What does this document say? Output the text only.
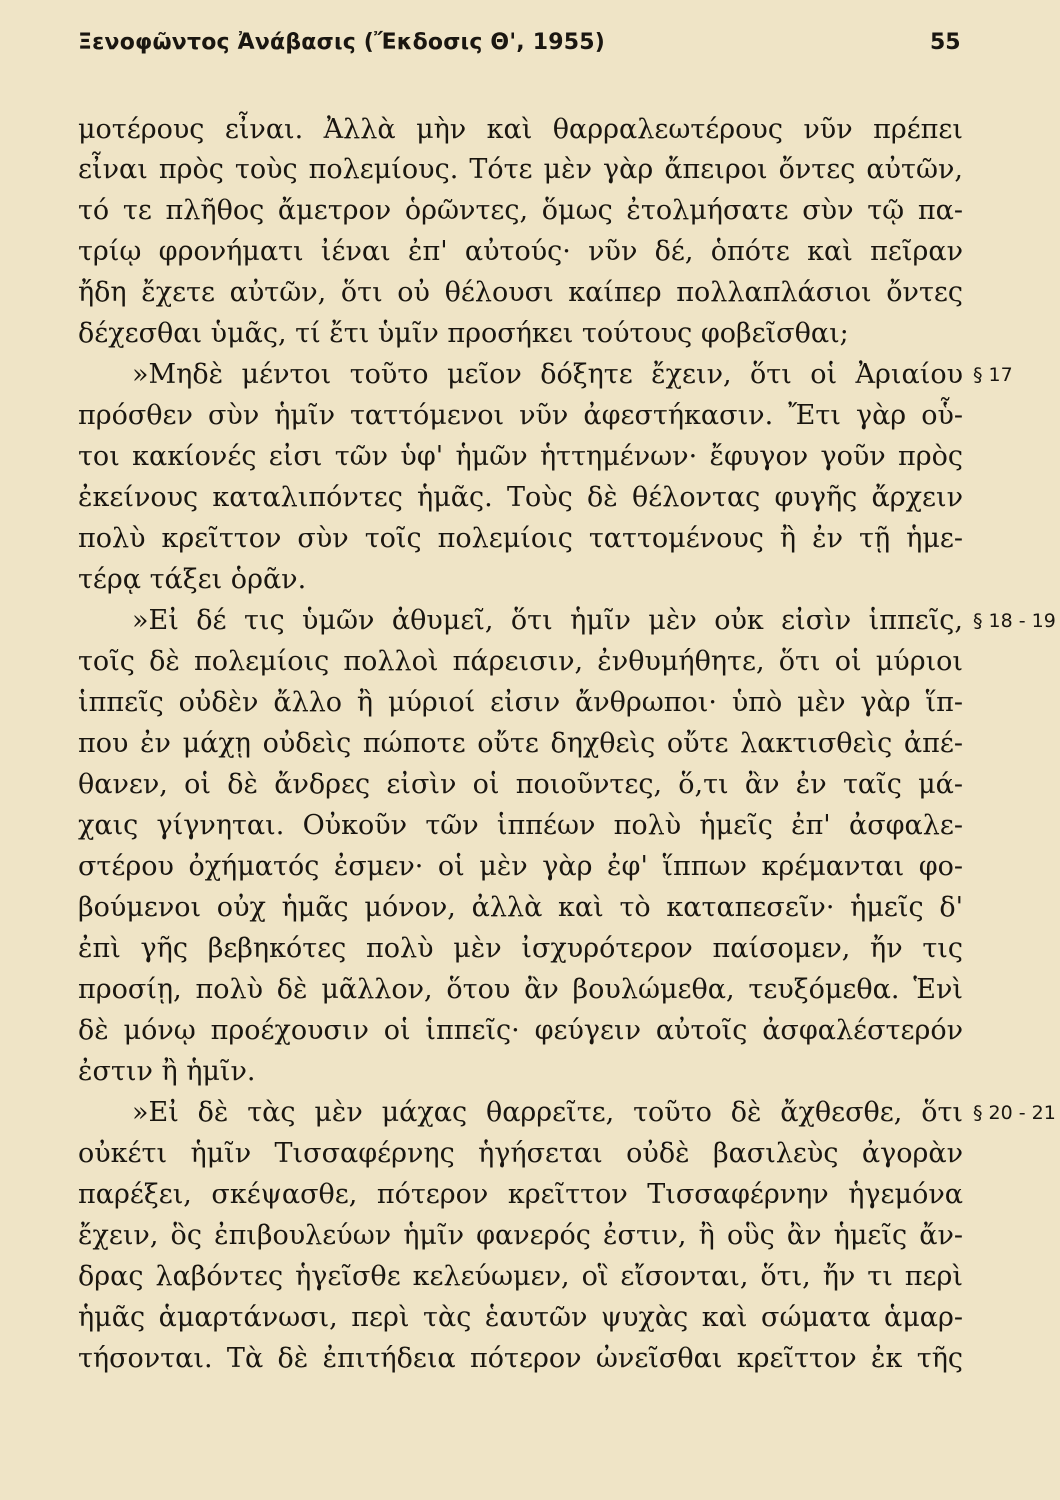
Ξενοφῶντος Ἀνάβασις (Ἔκδοσις Θ', 1955)	55
μοτέρους εἶναι. Ἀλλὰ μὴν καὶ θαρραλεωτέρους νῦν πρέπει
εἶναι πρὸς τοὺς πολεμίους. Τότε μὲν γὰρ ἄπειροι ὄντες αὐτῶν,
τό τε πλῆθος ἄμετρον ὁρῶντες, ὅμως ἐτολμήσατε σὺν τῷ πα-
τρίῳ φρονήματι ἰέναι ἐπ' αὐτούς· νῦν δέ, ὁπότε καὶ πεῖραν
ἤδη ἔχετε αὐτῶν, ὅτι οὐ θέλουσι καίπερ πολλαπλάσιοι ὄντες
δέχεσθαι ὑμᾶς, τί ἔτι ὑμῖν προσήκει τούτους φοβεῖσθαι;
»Μηδὲ μέντοι τοῦτο μεῖον δόξητε ἔχειν, ὅτι οἱ Ἀριαίου
πρόσθεν σὺν ἡμῖν ταττόμενοι νῦν ἀφεστήκασιν. Ἔτι γὰρ οὗ-
τοι κακίονές εἰσι τῶν ὑφ' ἡμῶν ἡττημένων· ἔφυγον γοῦν πρὸς
ἐκείνους καταλιπόντες ἡμᾶς. Τοὺς δὲ θέλοντας φυγῆς ἄρχειν
πολὺ κρεῖττον σὺν τοῖς πολεμίοις ταττομένους ἢ ἐν τῇ ἡμε-
τέρᾳ τάξει ὁρᾶν.
»Εἰ δέ τις ὑμῶν ἀθυμεῖ, ὅτι ἡμῖν μὲν οὐκ εἰσὶν ἱππεῖς,
τοῖς δὲ πολεμίοις πολλοὶ πάρεισιν, ἐνθυμήθητε, ὅτι οἱ μύριοι
ἱππεῖς οὐδὲν ἄλλο ἢ μύριοί εἰσιν ἄνθρωποι· ὑπὸ μὲν γὰρ ἵπ-
που ἐν μάχῃ οὐδεὶς πώποτε οὔτε δηχθεὶς οὔτε λακτισθεὶς ἀπέ-
θανεν, οἱ δὲ ἄνδρες εἰσὶν οἱ ποιοῦντες, ὅ,τι ἂν ἐν ταῖς μά-
χαις γίγνηται. Οὐκοῦν τῶν ἱππέων πολὺ ἡμεῖς ἐπ' ἀσφαλε-
στέρου ὀχήματός ἐσμεν· οἱ μὲν γὰρ ἐφ' ἵππων κρέμανται φο-
βούμενοι οὐχ ἡμᾶς μόνον, ἀλλὰ καὶ τὸ καταπεσεῖν· ἡμεῖς δ'
ἐπὶ γῆς βεβηκότες πολὺ μὲν ἰσχυρότερον παίσομεν, ἤν τις
προσίῃ, πολὺ δὲ μᾶλλον, ὅτου ἂν βουλώμεθα, τευξόμεθα. Ἑνὶ
δὲ μόνῳ προέχουσιν οἱ ἱππεῖς· φεύγειν αὐτοῖς ἀσφαλέστερόν
ἐστιν ἢ ἡμῖν.
»Εἰ δὲ τὰς μὲν μάχας θαρρεῖτε, τοῦτο δὲ ἄχθεσθε, ὅτι
οὐκέτι ἡμῖν Τισσαφέρνης ἡγήσεται οὐδὲ βασιλεὺς ἀγορὰν
παρέξει, σκέψασθε, πότερον κρεῖττον Τισσαφέρνην ἡγεμόνα
ἔχειν, ὃς ἐπιβουλεύων ἡμῖν φανερός ἐστιν, ἢ οὓς ἂν ἡμεῖς ἄν-
δρας λαβόντες ἡγεῖσθε κελεύωμεν, οἳ εἴσονται, ὅτι, ἤν τι περὶ
ἡμᾶς ἁμαρτάνωσι, περὶ τὰς ἑαυτῶν ψυχὰς καὶ σώματα ἁμαρ-
τήσονται. Τὰ δὲ ἐπιτήδεια πότερον ὠνεῖσθαι κρεῖττον ἐκ τῆς
§ 17
§ 18 - 19
§ 20 - 21
